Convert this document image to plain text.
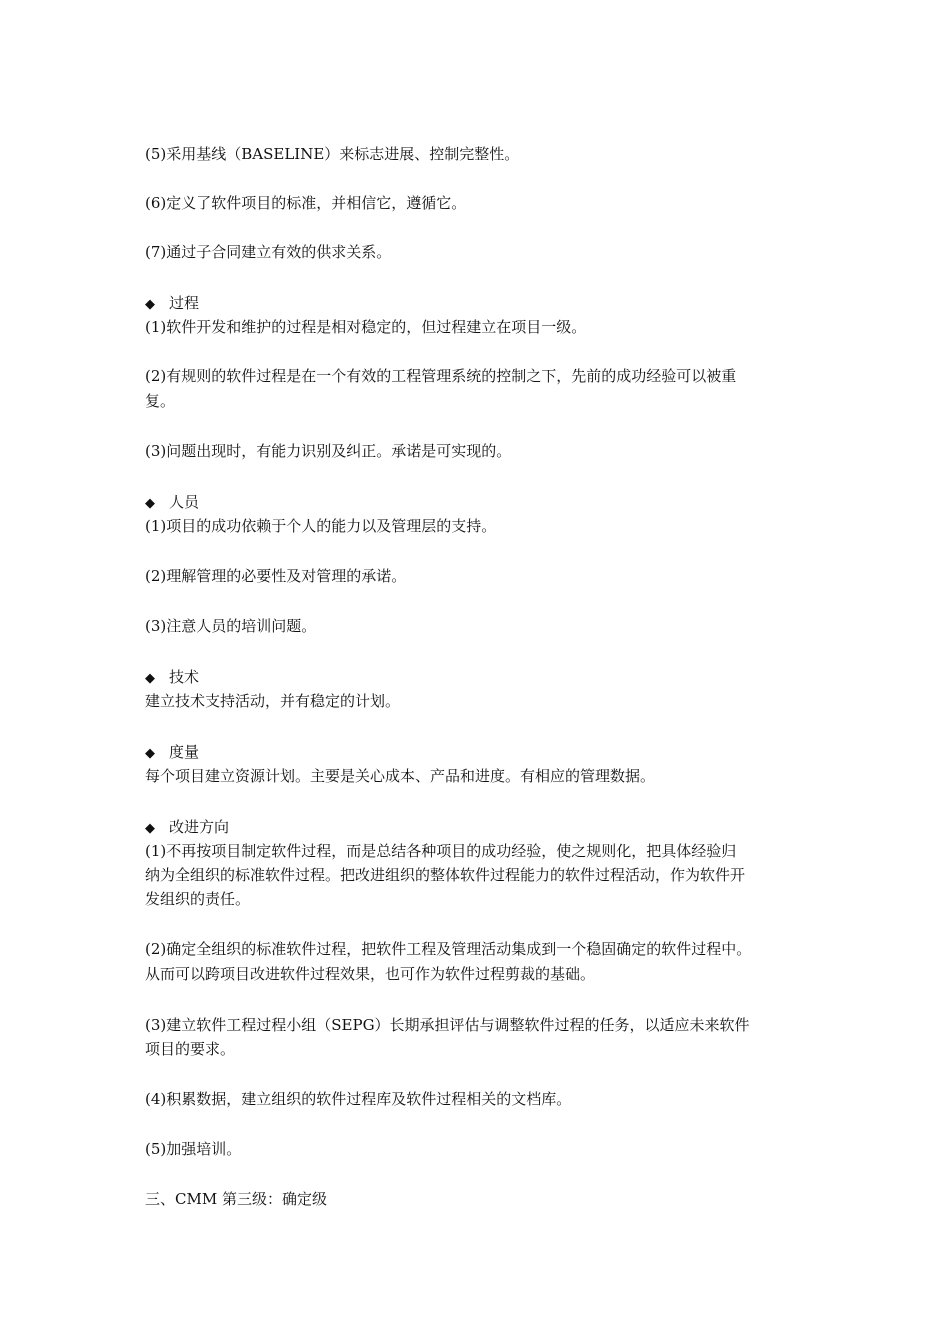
(5)采用基线（BASELINE）来标志进展、控制完整性。
(6)定义了软件项目的标准，并相信它，遵循它。
(7)通过子合同建立有效的供求关系。
◆ 过程
(1)软件开发和维护的过程是相对稳定的，但过程建立在项目一级。
(2)有规则的软件过程是在一个有效的工程管理系统的控制之下，先前的成功经验可以被重
复。
(3)问题出现时，有能力识别及纠正。承诺是可实现的。
◆ 人员
(1)项目的成功依赖于个人的能力以及管理层的支持。
(2)理解管理的必要性及对管理的承诺。
(3)注意人员的培训问题。
◆ 技术
建立技术支持活动，并有稳定的计划。
◆ 度量
每个项目建立资源计划。主要是关心成本、产品和进度。有相应的管理数据。
◆ 改进方向
(1)不再按项目制定软件过程，而是总结各种项目的成功经验，使之规则化，把具体经验归
纳为全组织的标准软件过程。把改进组织的整体软件过程能力的软件过程活动，作为软件开
发组织的责任。
(2)确定全组织的标准软件过程，把软件工程及管理活动集成到一个稳固确定的软件过程中。
从而可以跨项目改进软件过程效果，也可作为软件过程剪裁的基础。
(3)建立软件工程过程小组（SEPG）长期承担评估与调整软件过程的任务，以适应未来软件
项目的要求。
(4)积累数据，建立组织的软件过程库及软件过程相关的文档库。
(5)加强培训。
三、CMM 第三级：确定级
